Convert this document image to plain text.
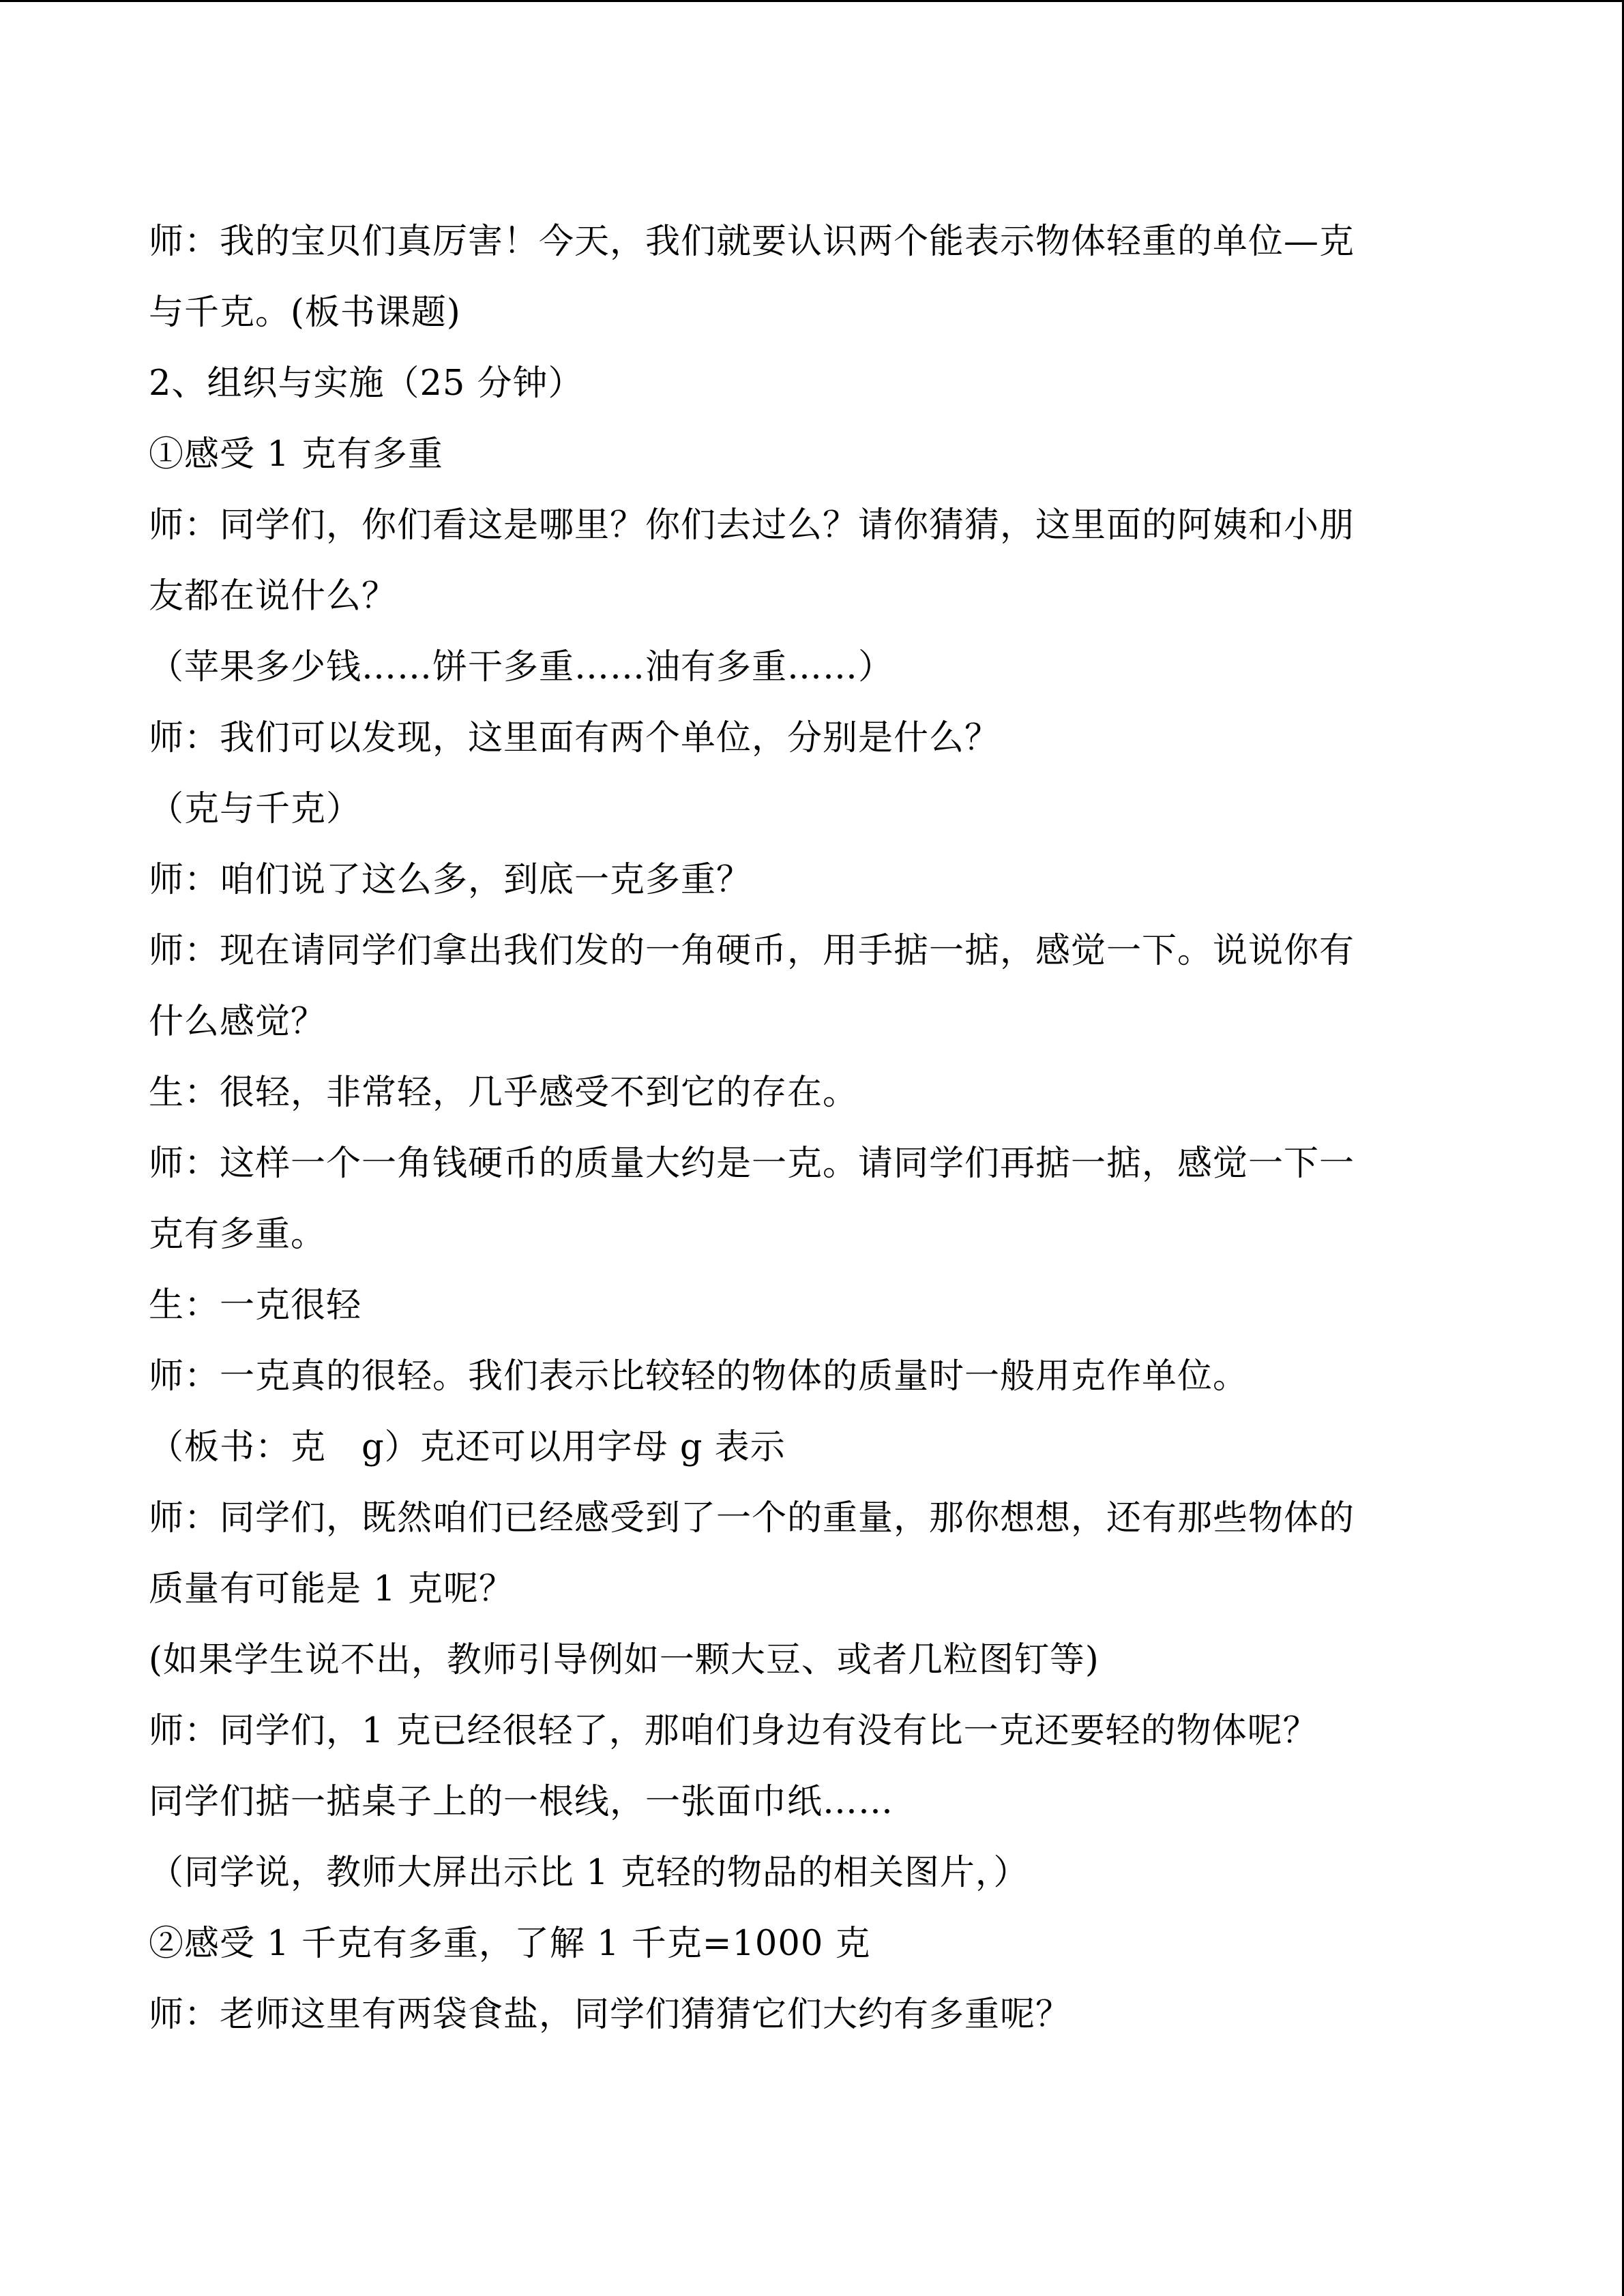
师：我的宝贝们真厉害！今天，我们就要认识两个能表示物体轻重的单位—克
与千克。(板书课题)
2、组织与实施（25 分钟）
①感受 1 克有多重
师：同学们，你们看这是哪里？你们去过么？请你猜猜，这里面的阿姨和小朋
友都在说什么？
（苹果多少钱……饼干多重……油有多重……）
师：我们可以发现，这里面有两个单位，分别是什么？
（克与千克）
师：咱们说了这么多，到底一克多重？
师：现在请同学们拿出我们发的一角硬币，用手掂一掂，感觉一下。说说你有
什么感觉？
生：很轻，非常轻，几乎感受不到它的存在。
师：这样一个一角钱硬币的质量大约是一克。请同学们再掂一掂，感觉一下一
克有多重。
生：一克很轻
师：一克真的很轻。我们表示比较轻的物体的质量时一般用克作单位。
（板书：克　g）克还可以用字母 g 表示
师：同学们，既然咱们已经感受到了一个的重量，那你想想，还有那些物体的
质量有可能是 1 克呢？
(如果学生说不出，教师引导例如一颗大豆、或者几粒图钉等)
师：同学们，1 克已经很轻了，那咱们身边有没有比一克还要轻的物体呢？
同学们掂一掂桌子上的一根线，一张面巾纸……
（同学说，教师大屏出示比 1 克轻的物品的相关图片，）
②感受 1 千克有多重，了解 1 千克=1000 克
师：老师这里有两袋食盐，同学们猜猜它们大约有多重呢？
